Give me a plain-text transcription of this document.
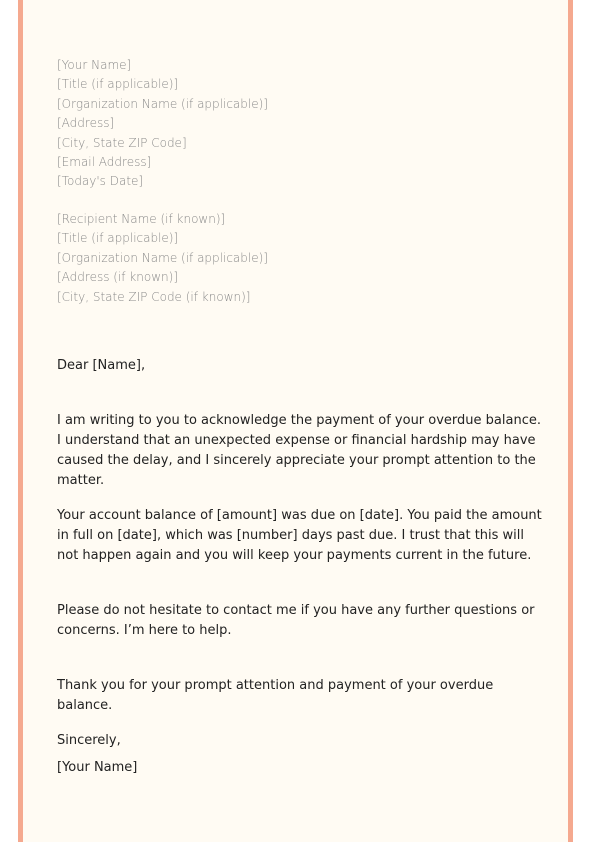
[Your Name]
[Title (if applicable)]
[Organization Name (if applicable)]
[Address]
[City, State ZIP Code]
[Email Address]
[Today's Date]
[Recipient Name (if known)]
[Title (if applicable)]
[Organization Name (if applicable)]
[Address (if known)]
[City, State ZIP Code (if known)]
Dear [Name],
I am writing to you to acknowledge the payment of your overdue balance. I understand that an unexpected expense or financial hardship may have caused the delay, and I sincerely appreciate your prompt attention to the matter.
Your account balance of [amount] was due on [date]. You paid the amount in full on [date], which was [number] days past due. I trust that this will not happen again and you will keep your payments current in the future.
Please do not hesitate to contact me if you have any further questions or concerns. I’m here to help.
Thank you for your prompt attention and payment of your overdue balance.
Sincerely,
[Your Name]
